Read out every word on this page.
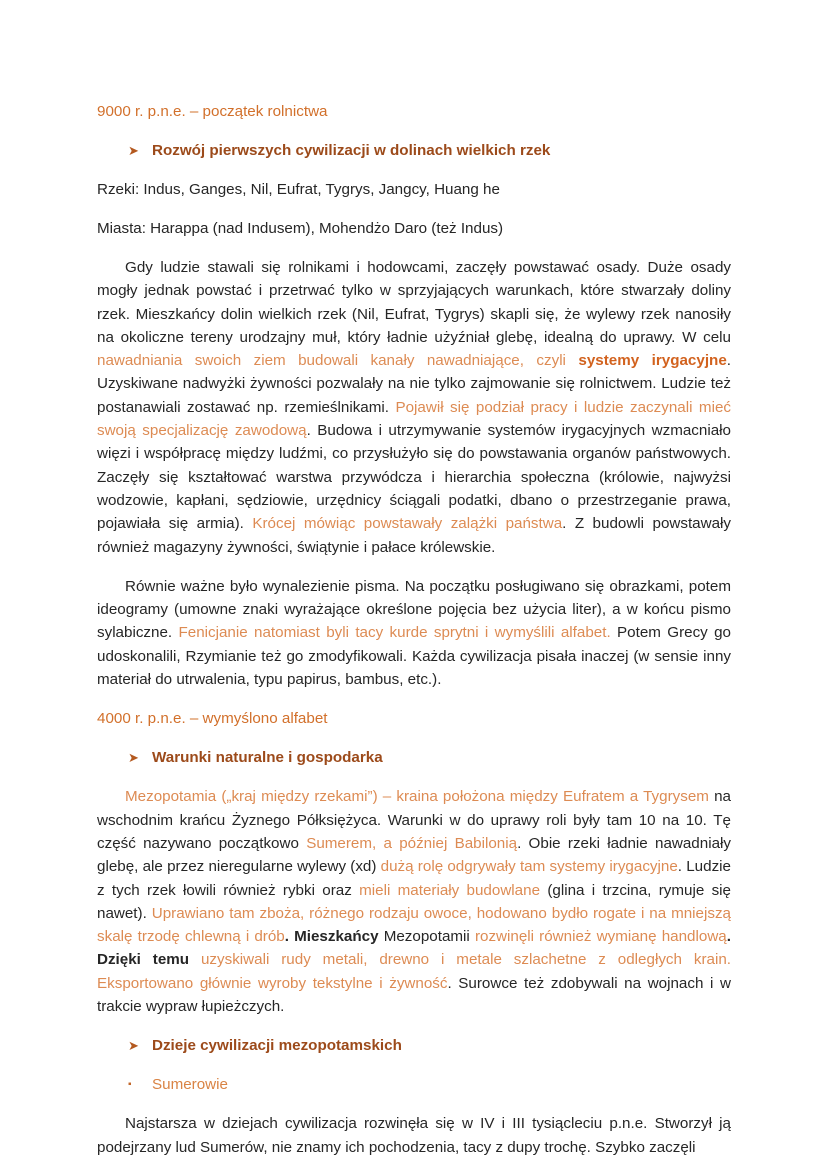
9000 r. p.n.e. – początek rolnictwa
➤ Rozwój pierwszych cywilizacji w dolinach wielkich rzek
Rzeki: Indus, Ganges, Nil, Eufrat, Tygrys, Jangcy, Huang he
Miasta: Harappa (nad Indusem), Mohendżo Daro (też Indus)

Gdy ludzie stawali się rolnikami i hodowcami, zaczęły powstawać osady. Duże osady mogły jednak powstać i przetrwać tylko w sprzyjających warunkach, które stwarzały doliny rzek. Mieszkańcy dolin wielkich rzek (Nil, Eufrat, Tygrys) skapli się, że wylewy rzek nanosiły na okoliczne tereny urodzajny muł, który ładnie użyźniał glebę, idealną do uprawy. W celu nawadniania swoich ziem budowali kanały nawadniające, czyli systemy irygacyjne. Uzyskiwane nadwyżki żywności pozwalały na nie tylko zajmowanie się rolnictwem. Ludzie też postanawiali zostawać np. rzemieślnikami. Pojawił się podział pracy i ludzie zaczynali mieć swoją specjalizację zawodową. Budowa i utrzymywanie systemów irygacyjnych wzmacniało więzi i współpracę między ludźmi, co przysłużyło się do powstawania organów państwowych. Zaczęły się kształtować warstwa przywódcza i hierarchia społeczna (królowie, najwyżsi wodzowie, kapłani, sędziowie, urzędnicy ściągali podatki, dbano o przestrzeganie prawa, pojawiała się armia). Krócej mówiąc powstawały zalążki państwa. Z budowli powstawały również magazyny żywności, świątynie i pałace królewskie.

Równie ważne było wynalezienie pisma. Na początku posługiwano się obrazkami, potem ideogramy (umowne znaki wyrażające określone pojęcia bez użycia liter), a w końcu pismo sylabiczne. Fenicjanie natomiast byli tacy kurde sprytni i wymyślili alfabet. Potem Grecy go udoskonalili, Rzymianie też go zmodyfikowali. Każda cywilizacja pisała inaczej (w sensie inny materiał do utrwalenia, typu papirus, bambus, etc.).

4000 r. p.n.e. – wymyślono alfabet
➤ Warunki naturalne i gospodarka

Mezopotamia („kraj między rzekami”) – kraina położona między Eufratem a Tygrysem na wschodnim krańcu Żyznego Półksiężyca. Warunki w do uprawy roli były tam 10 na 10. Tę część nazywano początkowo Sumerem, a później Babilonią. Obie rzeki ładnie nawadniały glebę, ale przez nieregularne wylewy (xd) dużą rolę odgrywały tam systemy irygacyjne. Ludzie z tych rzek łowili również rybki oraz mieli materiały budowlane (glina i trzcina, rymuje się nawet). Uprawiano tam zboża, różnego rodzaju owoce, hodowano bydło rogate i na mniejszą skalę trzodę chlewną i drób. Mieszkańcy Mezopotamii rozwinęli również wymianę handlową. Dzięki temu uzyskiwali rudy metali, drewno i metale szlachetne z odległych krain. Eksportowano głównie wyroby tekstylne i żywność. Surowce też zdobywali na wojnach i w trakcie wypraw łupieżczych.

➤ Dzieje cywilizacji mezopotamskich
▪	Sumerowie

Najstarsza w dziejach cywilizacja rozwinęła się w IV i III tysiącleciu p.n.e. Stworzył ją podejrzany lud Sumerów, nie znamy ich pochodzenia, tacy z dupy trochę. Szybko zaczęli
